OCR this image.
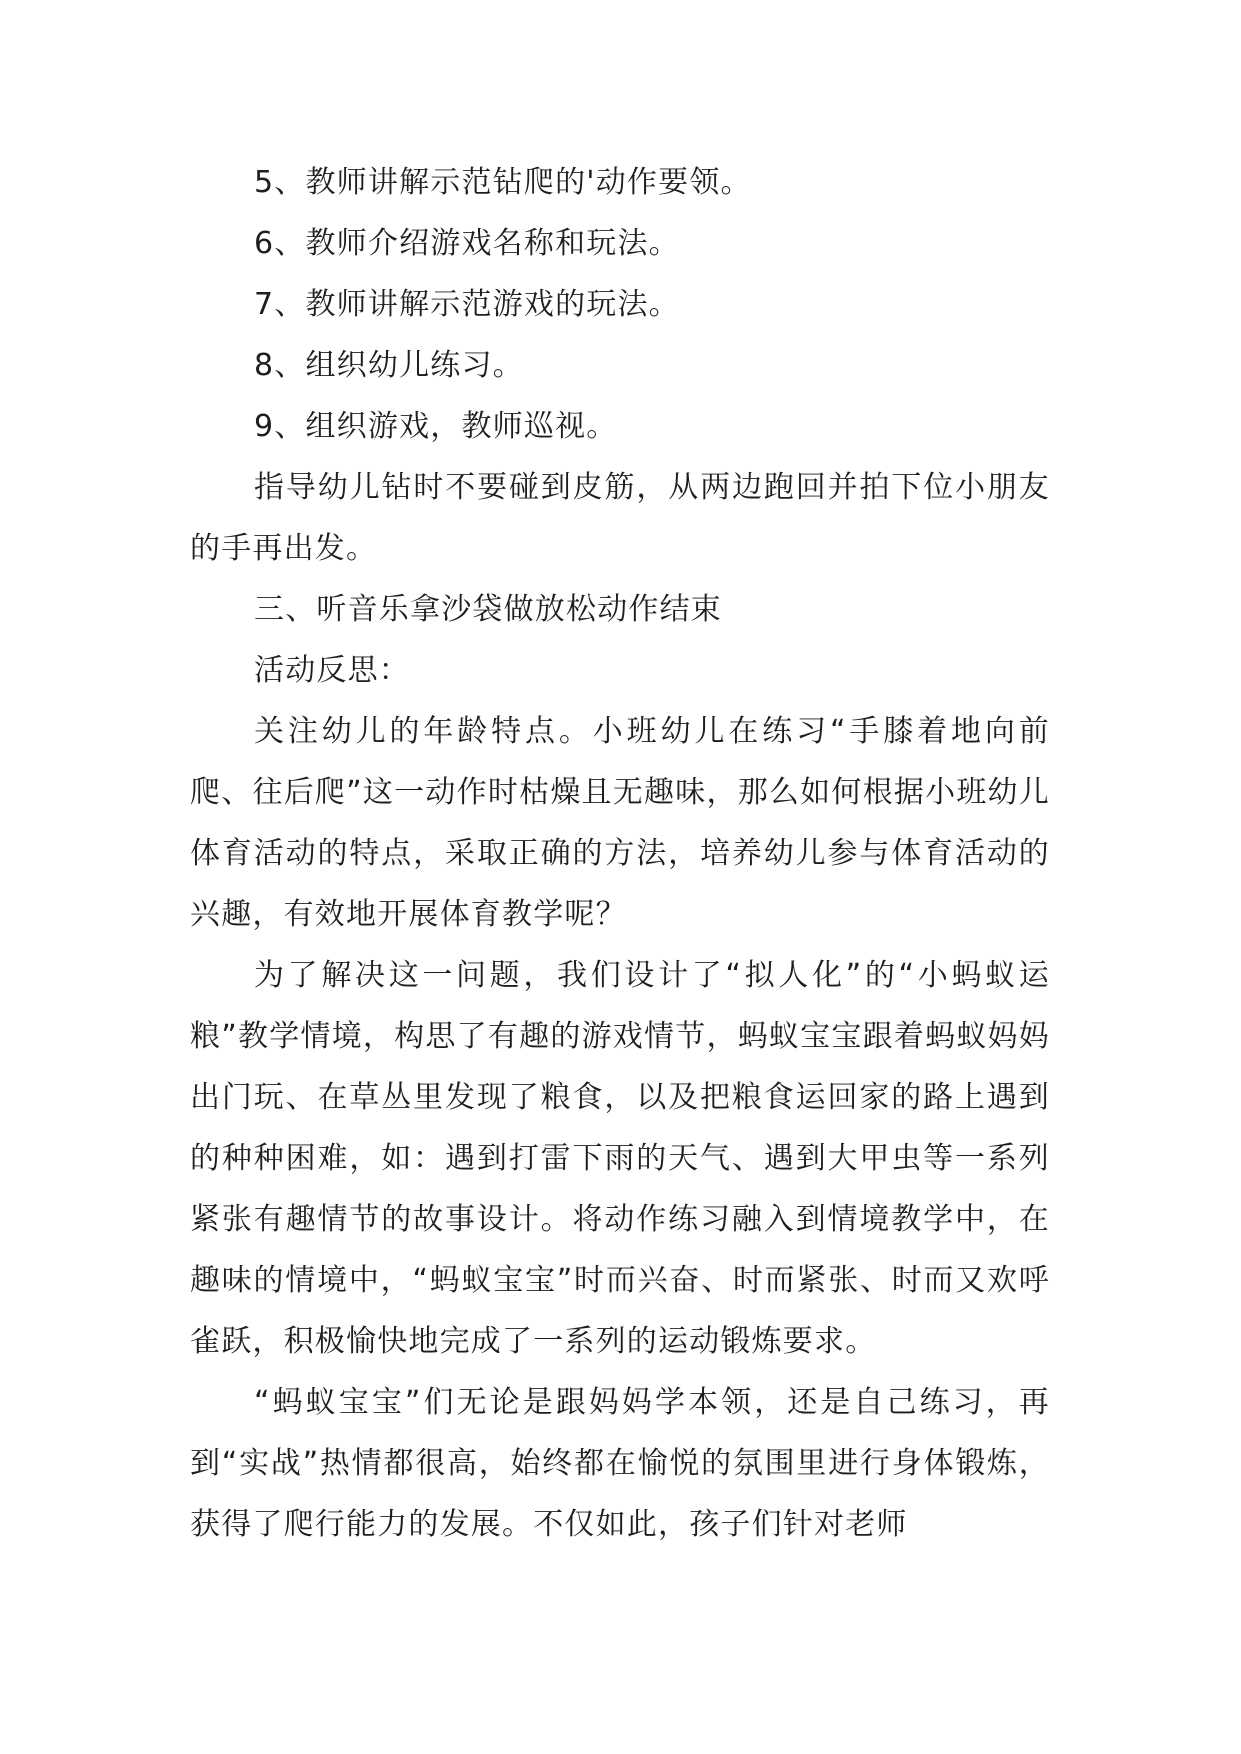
5、教师讲解示范钻爬的'动作要领。

6、教师介绍游戏名称和玩法。

7、教师讲解示范游戏的玩法。

8、组织幼儿练习。

9、组织游戏，教师巡视。

指导幼儿钻时不要碰到皮筋，从两边跑回并拍下位小朋友的手再出发。

三、听音乐拿沙袋做放松动作结束

活动反思：

关注幼儿的年龄特点。小班幼儿在练习“手膝着地向前爬、往后爬”这一动作时枯燥且无趣味，那么如何根据小班幼儿体育活动的特点，采取正确的方法，培养幼儿参与体育活动的兴趣，有效地开展体育教学呢？

为了解决这一问题，我们设计了“拟人化”的“小蚂蚁运粮”教学情境，构思了有趣的游戏情节，蚂蚁宝宝跟着蚂蚁妈妈出门玩、在草丛里发现了粮食，以及把粮食运回家的路上遇到的种种困难，如：遇到打雷下雨的天气、遇到大甲虫等一系列紧张有趣情节的故事设计。将动作练习融入到情境教学中，在趣味的情境中，“蚂蚁宝宝”时而兴奋、时而紧张、时而又欢呼雀跃，积极愉快地完成了一系列的运动锻炼要求。

“蚂蚁宝宝”们无论是跟妈妈学本领，还是自己练习，再到“实战”热情都很高，始终都在愉悦的氛围里进行身体锻炼，获得了爬行能力的发展。不仅如此，孩子们针对老师
